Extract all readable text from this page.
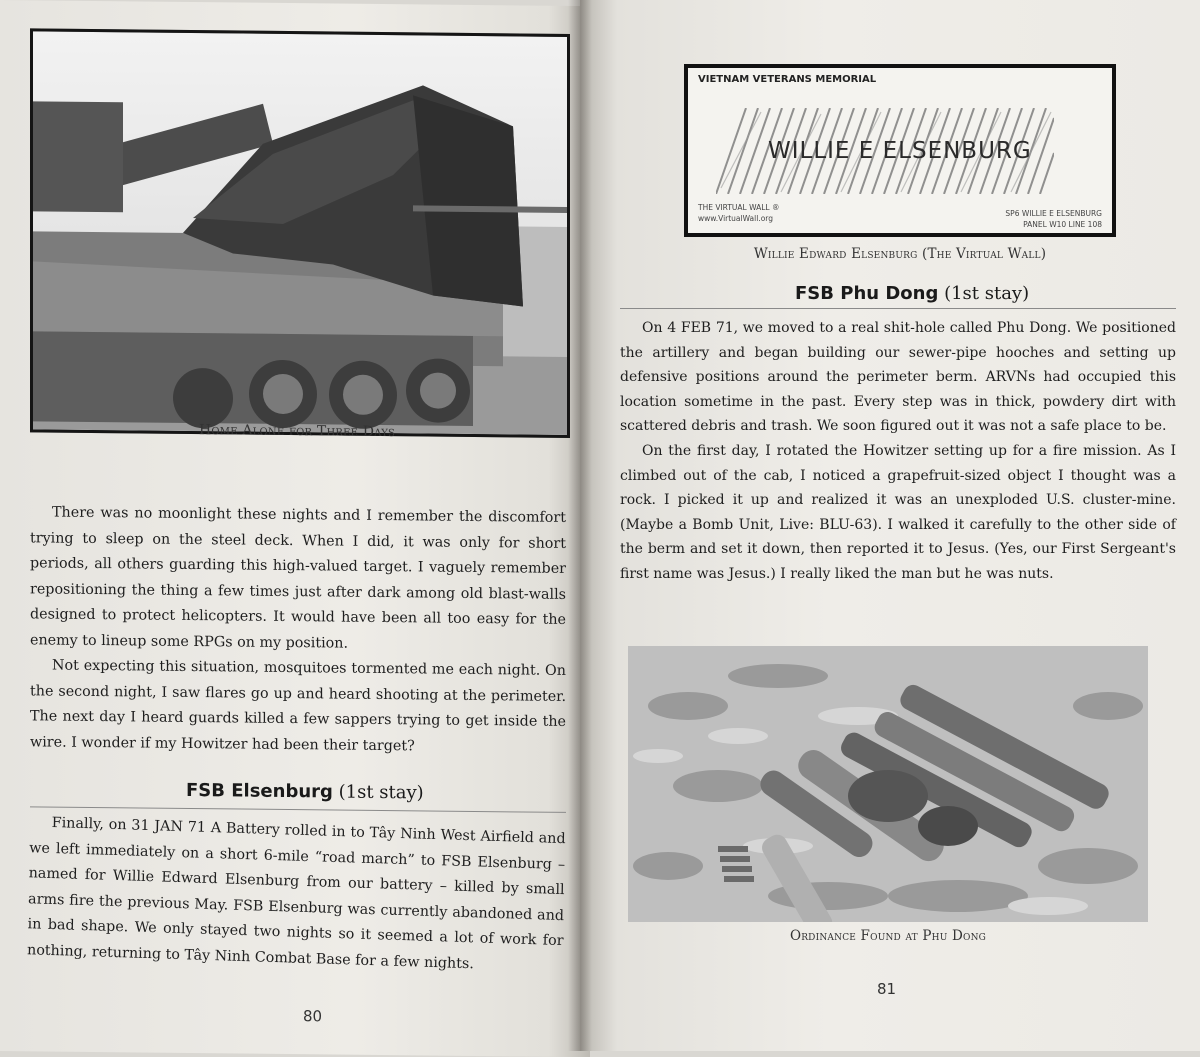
Home Alone for Three Days

There was no moonlight these nights and I remember the discomfort trying to sleep on the steel deck. When I did, it was only for short periods, all others guarding this high-valued target. I vaguely remember repositioning the thing a few times just after dark among old blast-walls designed to protect helicopters. It would have been all too easy for the enemy to lineup some RPGs on my position.

Not expecting this situation, mosquitoes tormented me each night. On the second night, I saw flares go up and heard shooting at the perimeter. The next day I heard guards killed a few sappers trying to get inside the wire. I wonder if my Howitzer had been their target?

FSB Elsenburg (1st stay)

Finally, on 31 JAN 71 A Battery rolled in to Tây Ninh West Airfield and we left immediately on a short 6-mile “road march” to FSB Elsenburg – named for Willie Edward Elsenburg from our battery – killed by small arms fire the previous May. FSB Elsenburg was currently abandoned and in bad shape. We only stayed two nights so it seemed a lot of work for nothing, returning to Tây Ninh Combat Base for a few nights.

80
VIETNAM VETERANS MEMORIAL
WILLIE E ELSENBURG
THE VIRTUAL WALL ®
www.VirtualWall.org
SP6 WILLIE E ELSENBURG
PANEL W10 LINE 108
Willie Edward Elsenburg (The Virtual Wall)
FSB Phu Dong (1st stay)

On 4 FEB 71, we moved to a real shit-hole called Phu Dong. We positioned the artillery and began building our sewer-pipe hooches and setting up defensive positions around the perimeter berm. ARVNs had occupied this location sometime in the past. Every step was in thick, powdery dirt with scattered debris and trash. We soon figured out it was not a safe place to be.

On the first day, I rotated the Howitzer setting up for a fire mission. As I climbed out of the cab, I noticed a grapefruit-sized object I thought was a rock. I picked it up and realized it was an unexploded U.S. cluster-mine. (Maybe a Bomb Unit, Live: BLU-63). I walked it carefully to the other side of the berm and set it down, then reported it to Jesus. (Yes, our First Sergeant's first name was Jesus.) I really liked the man but he was nuts.

Ordinance Found at Phu Dong
81
